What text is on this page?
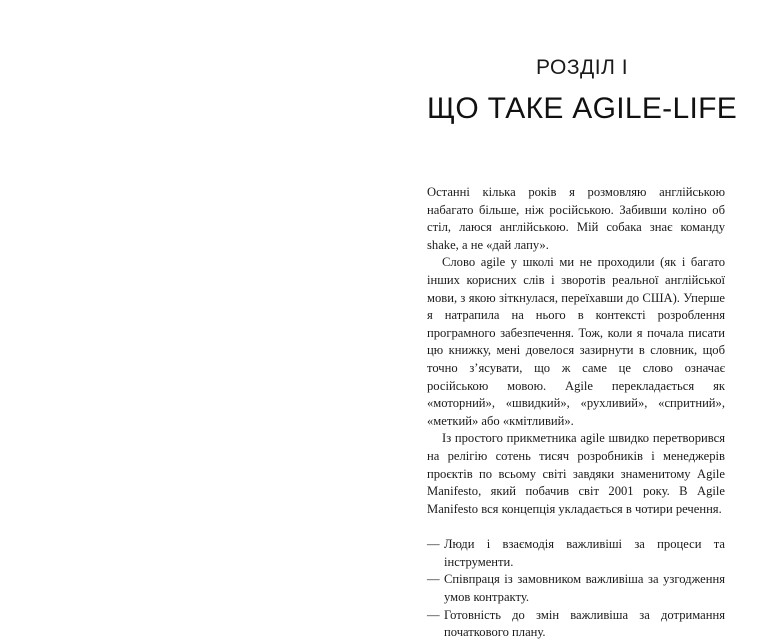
РОЗДІЛ І
ЩО ТАКЕ AGILE-LIFE

Останні кілька років я розмовляю англійською набагато більше, ніж російською. Забивши коліно об стіл, лаюся англійською. Мій собака знає команду shake, а не «дай лапу».

Слово agile у школі ми не проходили (як і багато інших корисних слів і зворотів реальної англійської мови, з якою зіткнулася, переїхавши до США). Уперше я натрапила на нього в контексті розроблення програмного забезпечення. Тож, коли я почала писати цю книжку, мені довелося зазирнути в словник, щоб точно з’ясувати, що ж саме це слово означає російською мовою. Agile перекладається як «моторний», «швидкий», «рухливий», «спритний», «меткий» або «кмітливий».

Із простого прикметника agile швидко перетворився на релігію сотень тисяч розробників і менеджерів проєктів по всьому світі завдяки знаменитому Agile Manifesto, який побачив світ 2001 року. В Agile Manifesto вся концепція укладається в чотири речення.

— Люди і взаємодія важливіші за процеси та інструменти.
— Співпраця із замовником важливіша за узгодження умов контракту.
— Готовність до змін важливіша за дотримання початкового плану.
